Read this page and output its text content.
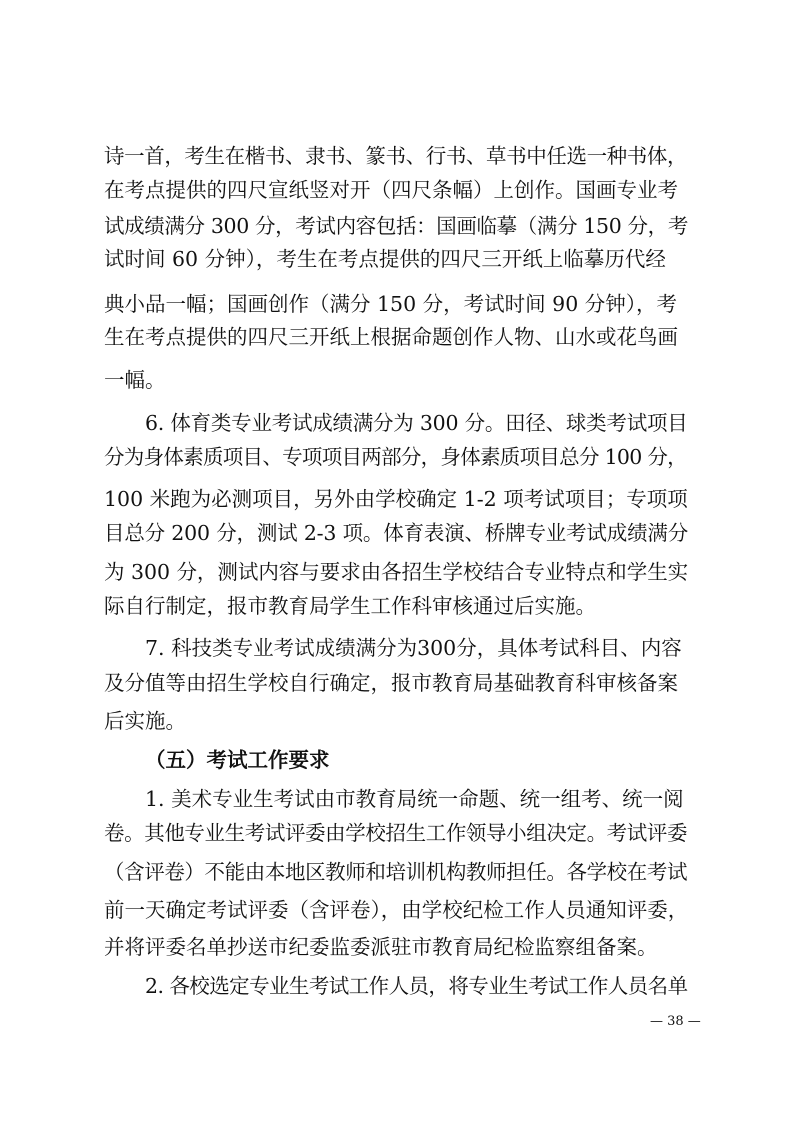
诗一首，考生在楷书、隶书、篆书、行书、草书中任选一种书体，
在考点提供的四尺宣纸竖对开（四尺条幅）上创作。国画专业考
试成绩满分 300 分，考试内容包括：国画临摹（满分 150 分，考
试时间 60 分钟），考生在考点提供的四尺三开纸上临摹历代经
典小品一幅；国画创作（满分 150 分，考试时间 90 分钟），考
生在考点提供的四尺三开纸上根据命题创作人物、山水或花鸟画
一幅。
6. 体育类专业考试成绩满分为 300 分。田径、球类考试项目
分为身体素质项目、专项项目两部分，身体素质项目总分 100 分，
100 米跑为必测项目，另外由学校确定 1-2 项考试项目；专项项
目总分 200 分，测试 2-3 项。体育表演、桥牌专业考试成绩满分
为 300 分，测试内容与要求由各招生学校结合专业特点和学生实
际自行制定，报市教育局学生工作科审核通过后实施。
7. 科技类专业考试成绩满分为300分，具体考试科目、内容
及分值等由招生学校自行确定，报市教育局基础教育科审核备案
后实施。
（五）考试工作要求
1. 美术专业生考试由市教育局统一命题、统一组考、统一阅
卷。其他专业生考试评委由学校招生工作领导小组决定。考试评委
（含评卷）不能由本地区教师和培训机构教师担任。各学校在考试
前一天确定考试评委（含评卷），由学校纪检工作人员通知评委，
并将评委名单抄送市纪委监委派驻市教育局纪检监察组备案。
2. 各校选定专业生考试工作人员，将专业生考试工作人员名单
— 38 —
